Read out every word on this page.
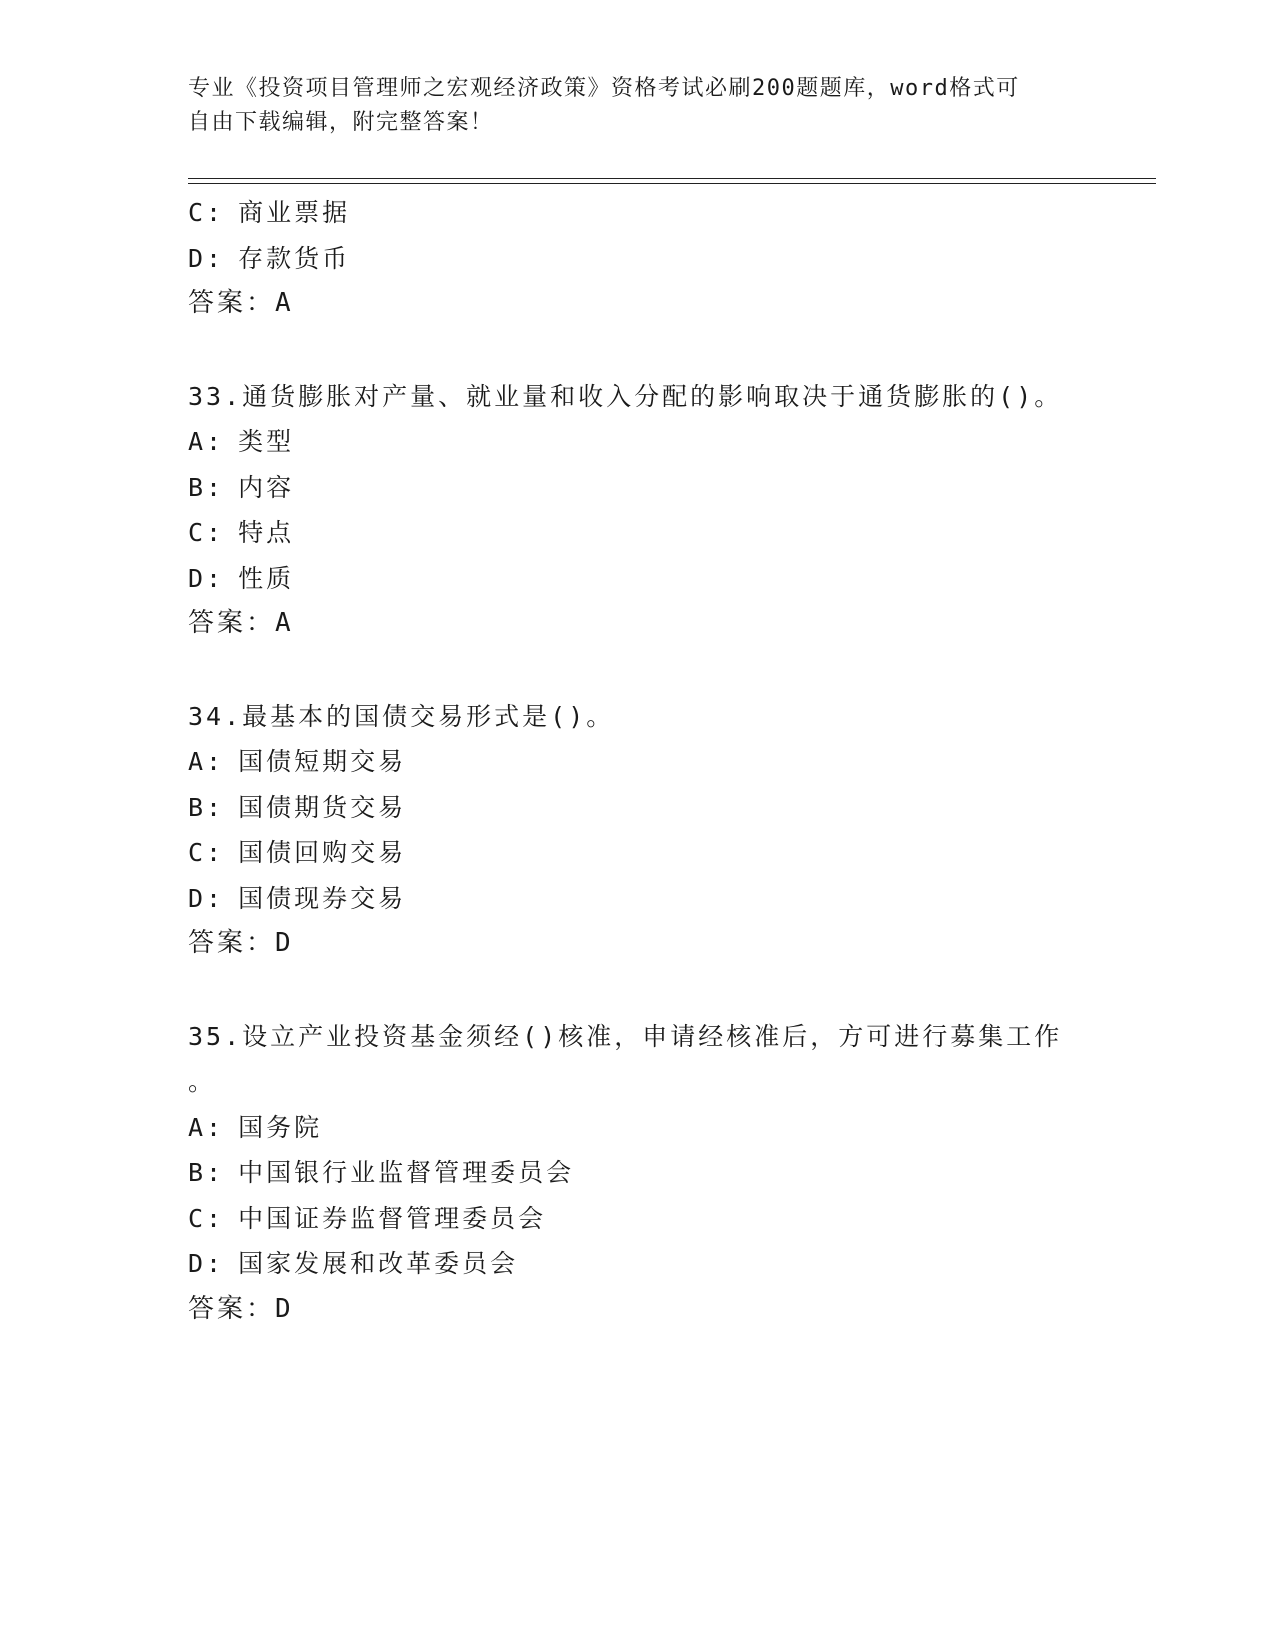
专业《投资项目管理师之宏观经济政策》资格考试必刷200题题库，word格式可
自由下载编辑，附完整答案！
C: 商业票据
D: 存款货币
答案：A
33.通货膨胀对产量、就业量和收入分配的影响取决于通货膨胀的()。
A: 类型
B: 内容
C: 特点
D: 性质
答案：A
34.最基本的国债交易形式是()。
A: 国债短期交易
B: 国债期货交易
C: 国债回购交易
D: 国债现券交易
答案：D
35.设立产业投资基金须经()核准，申请经核准后，方可进行募集工作
。
A: 国务院
B: 中国银行业监督管理委员会
C: 中国证券监督管理委员会
D: 国家发展和改革委员会
答案：D
